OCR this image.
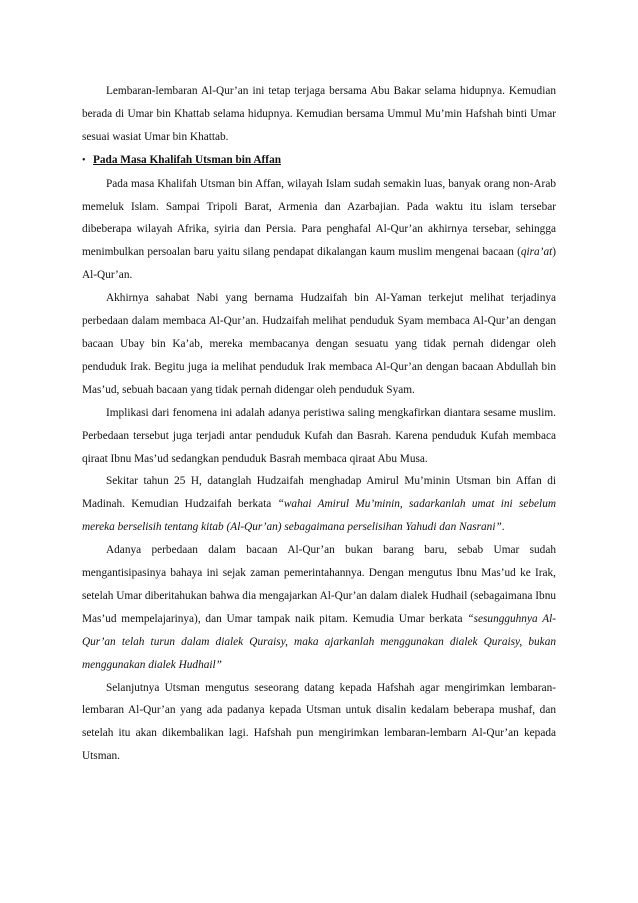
Lembaran-lembaran Al-Qur’an ini tetap terjaga bersama Abu Bakar selama hidupnya. Kemudian berada di Umar bin Khattab selama hidupnya. Kemudian bersama Ummul Mu’min Hafshah binti Umar sesuai wasiat Umar bin Khattab.

• Pada Masa Khalifah Utsman bin Affan

Pada masa Khalifah Utsman bin Affan, wilayah Islam sudah semakin luas, banyak orang non-Arab memeluk Islam. Sampai Tripoli Barat, Armenia dan Azarbajian. Pada waktu itu islam tersebar dibeberapa wilayah Afrika, syiria dan Persia. Para penghafal Al-Qur’an akhirnya tersebar, sehingga menimbulkan persoalan baru yaitu silang pendapat dikalangan kaum muslim mengenai bacaan (qira’at) Al-Qur’an.

Akhirnya sahabat Nabi yang bernama Hudzaifah bin Al-Yaman terkejut melihat terjadinya perbedaan dalam membaca Al-Qur’an. Hudzaifah melihat penduduk Syam membaca Al-Qur’an dengan bacaan Ubay bin Ka’ab, mereka membacanya dengan sesuatu yang tidak pernah didengar oleh penduduk Irak. Begitu juga ia melihat penduduk Irak membaca Al-Qur’an dengan bacaan Abdullah bin Mas’ud, sebuah bacaan yang tidak pernah didengar oleh penduduk Syam.

Implikasi dari fenomena ini adalah adanya peristiwa saling mengkafirkan diantara sesame muslim. Perbedaan tersebut juga terjadi antar penduduk Kufah dan Basrah. Karena penduduk Kufah membaca qiraat Ibnu Mas’ud sedangkan penduduk Basrah membaca qiraat Abu Musa.

Sekitar tahun 25 H, datanglah Hudzaifah menghadap Amirul Mu’minin Utsman bin Affan di Madinah. Kemudian Hudzaifah berkata “wahai Amirul Mu’minin, sadarkanlah umat ini sebelum mereka berselisih tentang kitab (Al-Qur’an) sebagaimana perselisihan Yahudi dan Nasrani”.

Adanya perbedaan dalam bacaan Al-Qur’an bukan barang baru, sebab Umar sudah mengantisipasinya bahaya ini sejak zaman pemerintahannya. Dengan mengutus Ibnu Mas’ud ke Irak, setelah Umar diberitahukan bahwa dia mengajarkan Al-Qur’an dalam dialek Hudhail (sebagaimana Ibnu Mas’ud mempelajarinya), dan Umar tampak naik pitam. Kemudia Umar berkata “sesungguhnya Al-Qur’an telah turun dalam dialek Quraisy, maka ajarkanlah menggunakan dialek Quraisy, bukan menggunakan dialek Hudhail”

Selanjutnya Utsman mengutus seseorang datang kepada Hafshah agar mengirimkan lembaran-lembaran Al-Qur’an yang ada padanya kepada Utsman untuk disalin kedalam beberapa mushaf, dan setelah itu akan dikembalikan lagi. Hafshah pun mengirimkan lembaran-lembarn Al-Qur’an kepada Utsman.
